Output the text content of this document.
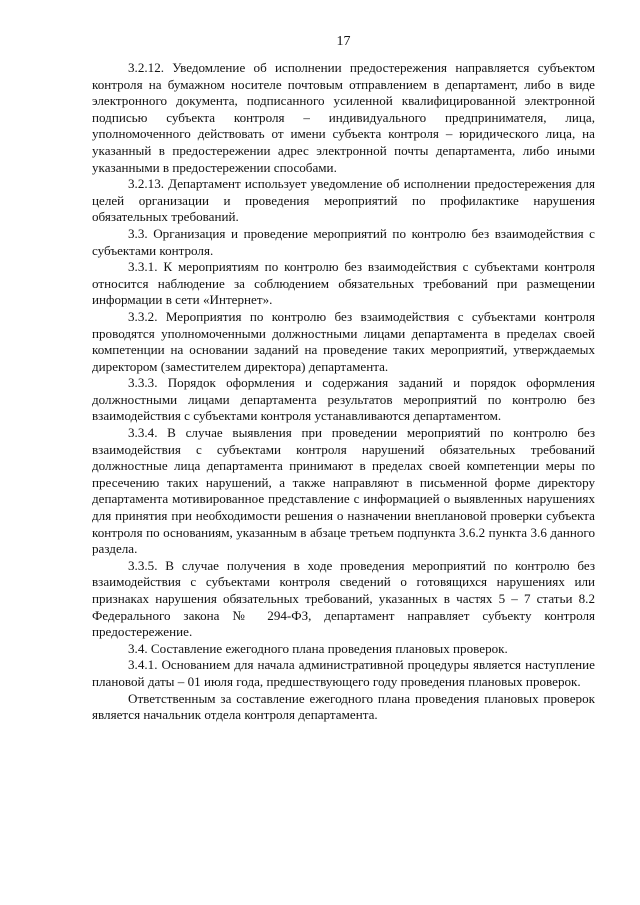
17

3.2.12. Уведомление об исполнении предостережения направляется субъектом контроля на бумажном носителе почтовым отправлением в департамент, либо в виде электронного документа, подписанного усиленной квалифицированной электронной подписью субъекта контроля – индивидуального предпринимателя, лица, уполномоченного действовать от имени субъекта контроля – юридического лица, на указанный в предостережении адрес электронной почты департамента, либо иными указанными в предостережении способами.

3.2.13. Департамент использует уведомление об исполнении предостережения для целей организации и проведения мероприятий по профилактике нарушения обязательных требований.

3.3. Организация и проведение мероприятий по контролю без взаимодействия с субъектами контроля.

3.3.1. К мероприятиям по контролю без взаимодействия с субъектами контроля относится наблюдение за соблюдением обязательных требований при размещении информации в сети «Интернет».

3.3.2. Мероприятия по контролю без взаимодействия с субъектами контроля проводятся уполномоченными должностными лицами департамента в пределах своей компетенции на основании заданий на проведение таких мероприятий, утверждаемых директором (заместителем директора) департамента.

3.3.3. Порядок оформления и содержания заданий и порядок оформления должностными лицами департамента результатов мероприятий по контролю без взаимодействия с субъектами контроля устанавливаются департаментом.

3.3.4. В случае выявления при проведении мероприятий по контролю без взаимодействия с субъектами контроля нарушений обязательных требований должностные лица департамента принимают в пределах своей компетенции меры по пресечению таких нарушений, а также направляют в письменной форме директору департамента мотивированное представление с информацией о выявленных нарушениях для принятия при необходимости решения о назначении внеплановой проверки субъекта контроля по основаниям, указанным в абзаце третьем подпункта 3.6.2 пункта 3.6 данного раздела.

3.3.5. В случае получения в ходе проведения мероприятий по контролю без взаимодействия с субъектами контроля сведений о готовящихся нарушениях или признаках нарушения обязательных требований, указанных в частях 5 – 7 статьи 8.2 Федерального закона № 294-ФЗ, департамент направляет субъекту контроля предостережение.

3.4. Составление ежегодного плана проведения плановых проверок.

3.4.1. Основанием для начала административной процедуры является наступление плановой даты – 01 июля года, предшествующего году проведения плановых проверок.

Ответственным за составление ежегодного плана проведения плановых проверок является начальник отдела контроля департамента.
